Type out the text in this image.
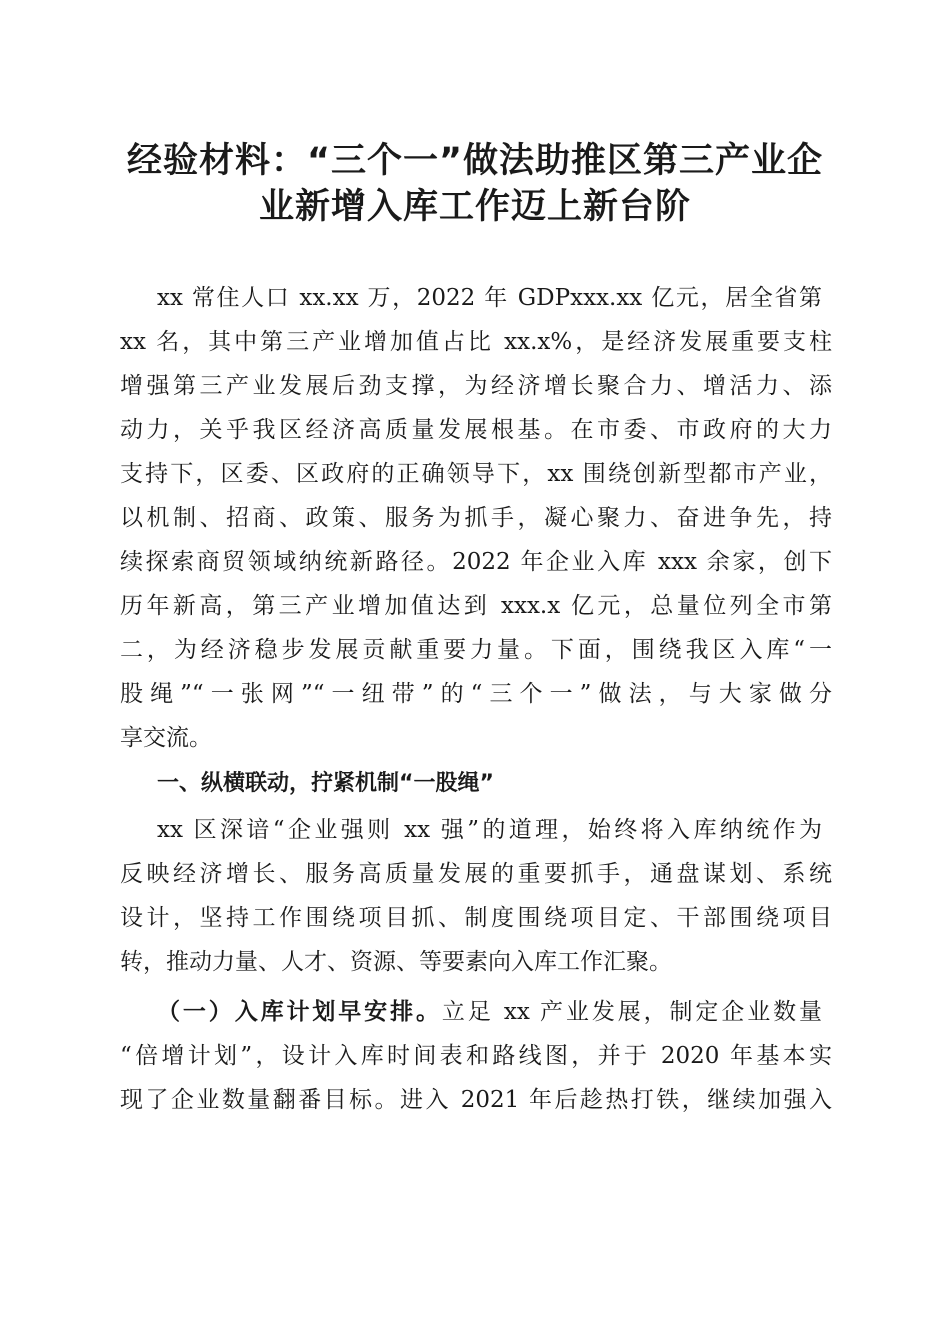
经验材料：“三个一”做法助推区第三产业企
业新增入库工作迈上新台阶
xx 常住人口 xx.xx 万，2022 年 GDPxxx.xx 亿元，居全省第
xx 名，其中第三产业增加值占比 xx.x%，是经济发展重要支柱
增强第三产业发展后劲支撑，为经济增长聚合力、增活力、添
动力，关乎我区经济高质量发展根基。在市委、市政府的大力
支持下，区委、区政府的正确领导下，xx 围绕创新型都市产业，
以机制、招商、政策、服务为抓手，凝心聚力、奋进争先，持
续探索商贸领域纳统新路径。2022 年企业入库 xxx 余家，创下
历年新高，第三产业增加值达到 xxx.x 亿元，总量位列全市第
二，为经济稳步发展贡献重要力量。下面，围绕我区入库“一
股绳”“一张网”“一纽带”的“三个一”做法，与大家做分
享交流。
一、纵横联动，拧紧机制“一股绳”
xx 区深谙“企业强则 xx 强”的道理，始终将入库纳统作为
反映经济增长、服务高质量发展的重要抓手，通盘谋划、系统
设计，坚持工作围绕项目抓、制度围绕项目定、干部围绕项目
转，推动力量、人才、资源、等要素向入库工作汇聚。
（一）入库计划早安排。立足 xx 产业发展，制定企业数量
“倍增计划”，设计入库时间表和路线图，并于 2020 年基本实
现了企业数量翻番目标。进入 2021 年后趁热打铁，继续加强入
